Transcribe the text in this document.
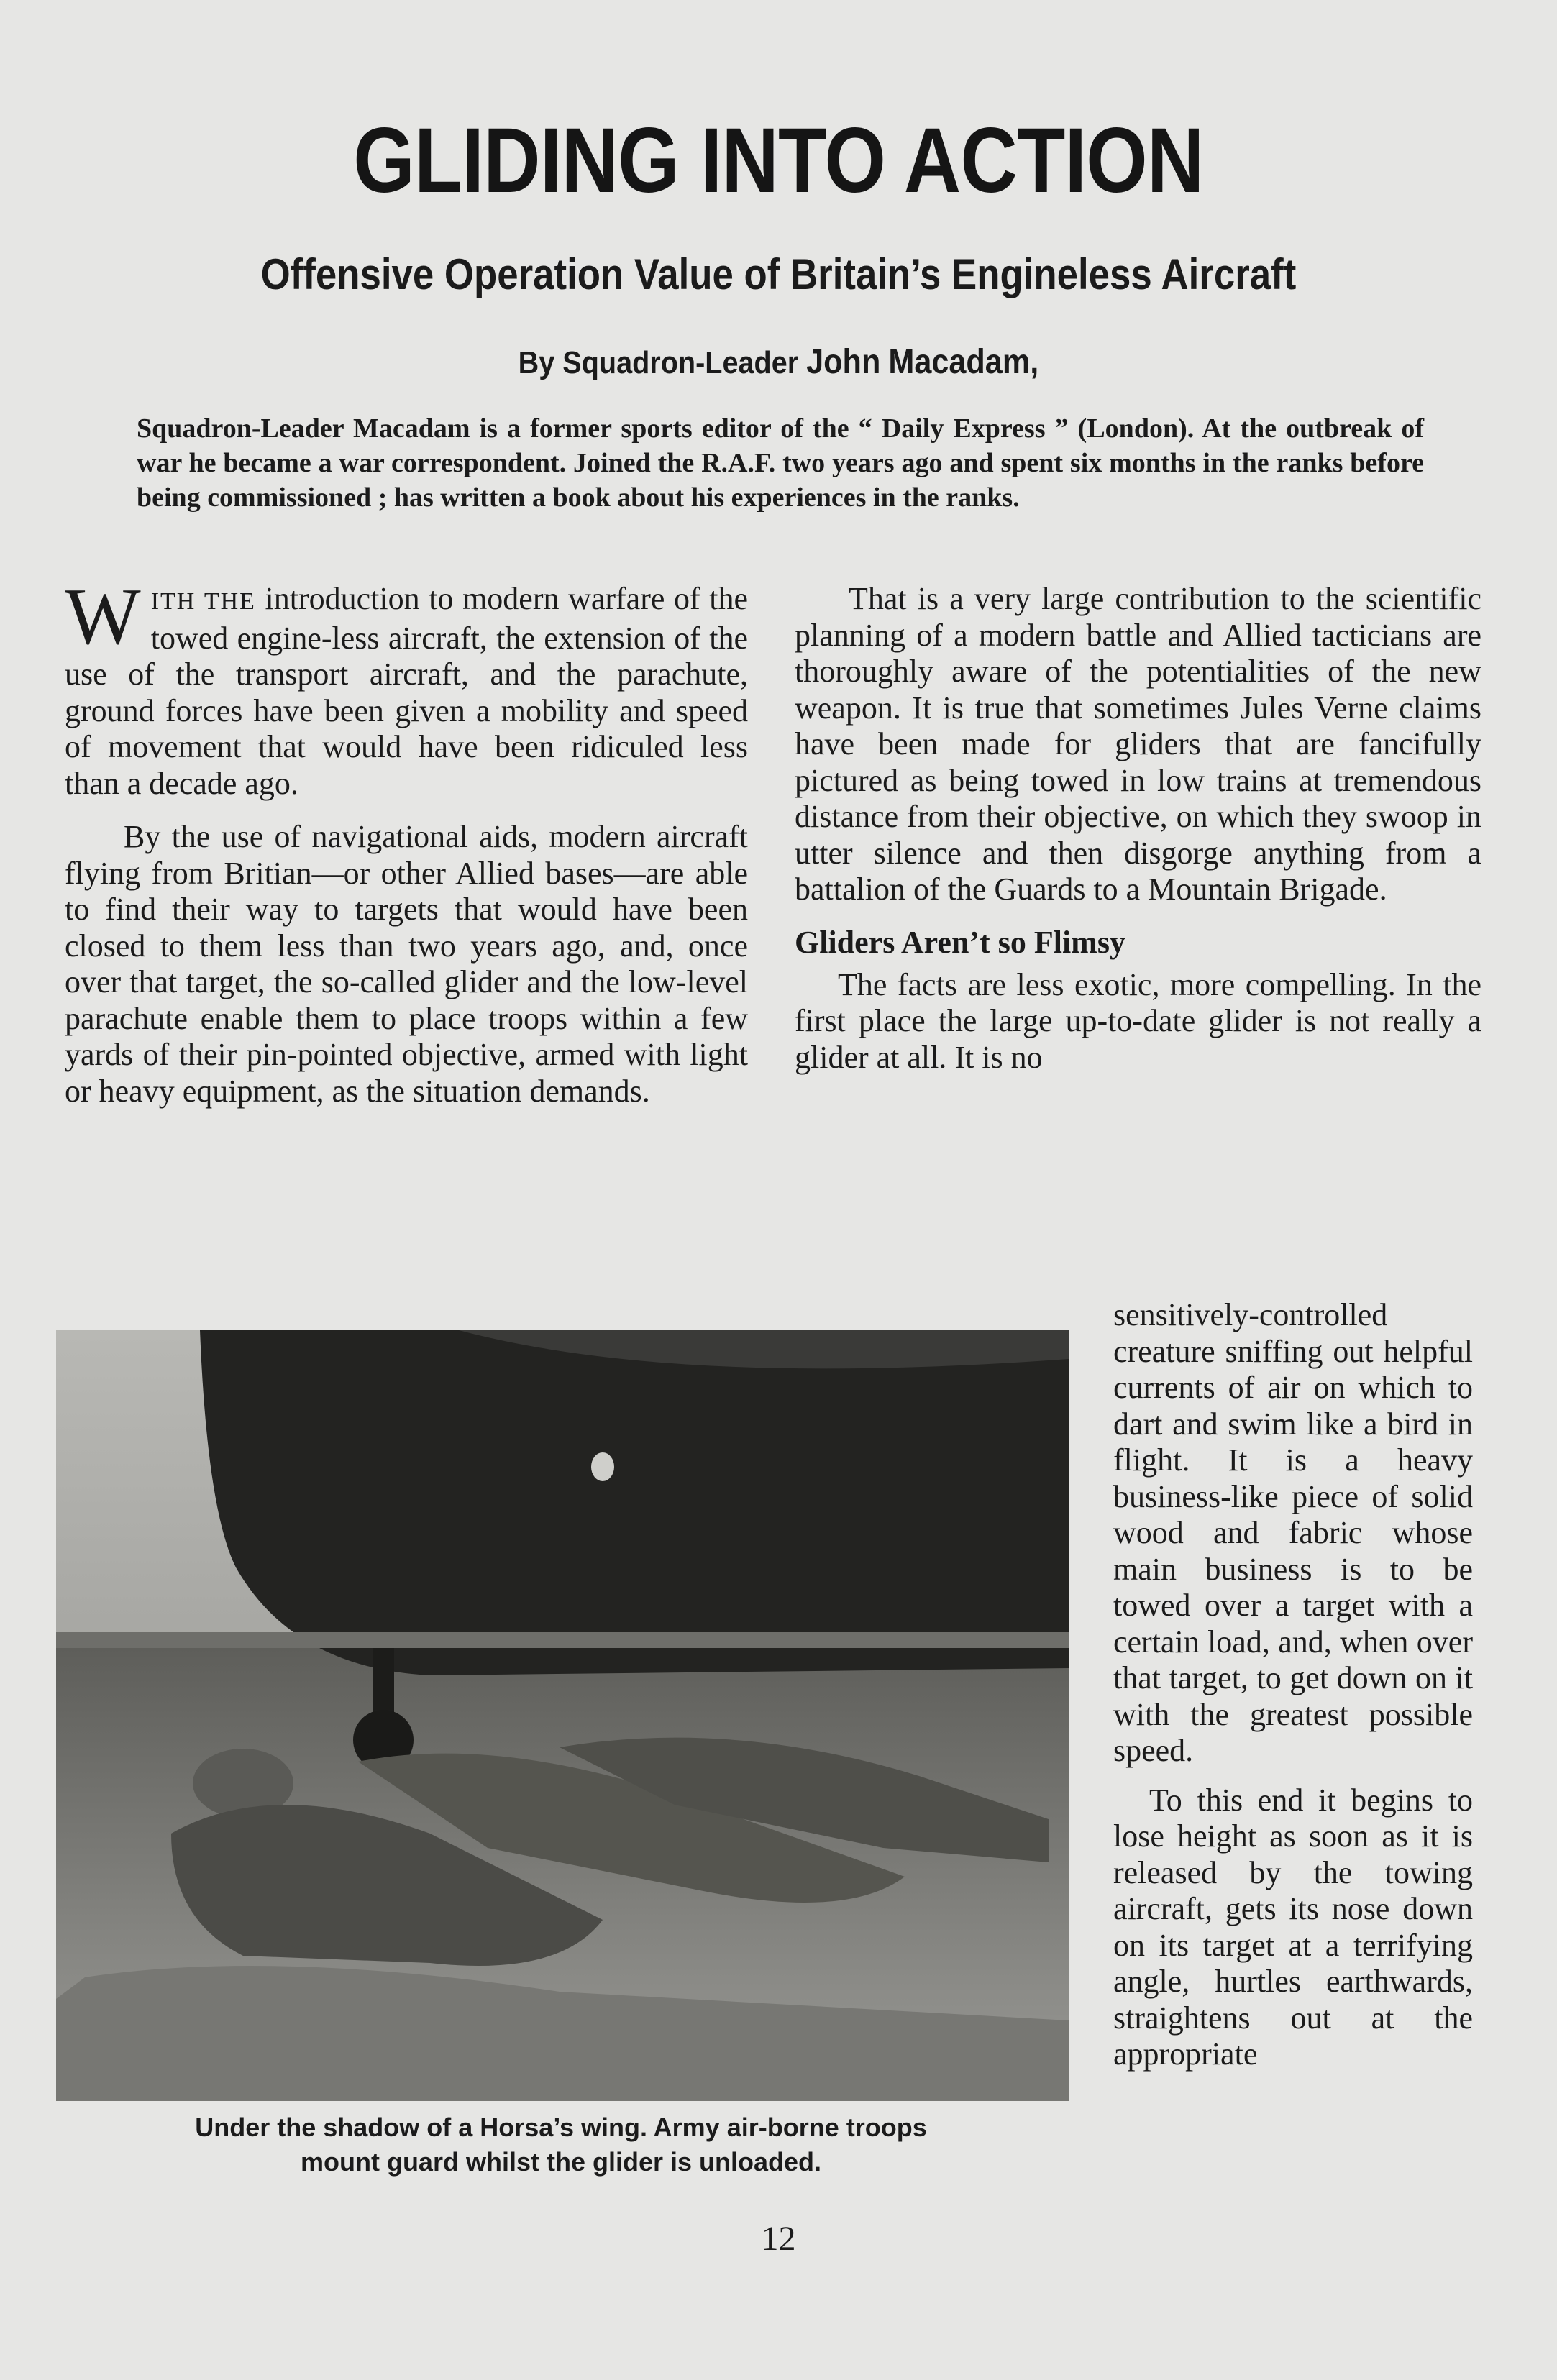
GLIDING INTO ACTION
Offensive Operation Value of Britain’s Engineless Aircraft
By Squadron-Leader John Macadam,
Squadron-Leader Macadam is a former sports editor of the “ Daily Express ” (London). At the outbreak of war he became a war correspondent. Joined the R.A.F. two years ago and spent six months in the ranks before being commissioned ; has written a book about his experiences in the ranks.

WITH THE introduction to modern warfare of the towed engine-less aircraft, the extension of the use of the transport aircraft, and the parachute, ground forces have been given a mobility and speed of movement that would have been ridiculed less than a decade ago.

By the use of navigational aids, modern aircraft flying from Britian—or other Allied bases—are able to find their way to targets that would have been closed to them less than two years ago, and, once over that target, the so-called glider and the low-level parachute enable them to place troops within a few yards of their pin-pointed objective, armed with light or heavy equipment, as the situation demands.

That is a very large contribution to the scientific planning of a modern battle and Allied tacticians are thoroughly aware of the potentialities of the new weapon. It is true that sometimes Jules Verne claims have been made for gliders that are fancifully pictured as being towed in low trains at tremendous distance from their objective, on which they swoop in utter silence and then disgorge anything from a battalion of the Guards to a Mountain Brigade.

Gliders Aren’t so Flimsy

The facts are less exotic, more compelling. In the first place the large up-to-date glider is not really a glider at all. It is no

sensitively-controlled creature sniffing out helpful currents of air on which to dart and swim like a bird in flight. It is a heavy business-like piece of solid wood and fabric whose main business is to be towed over a target with a certain load, and, when over that target, to get down on it with the greatest possible speed.

To this end it begins to lose height as soon as it is released by the towing aircraft, gets its nose down on its target at a terrifying angle, hurtles earthwards, straightens out at the appropriate

Under the shadow of a Horsa’s wing. Army air-borne troops
mount guard whilst the glider is unloaded.
12
